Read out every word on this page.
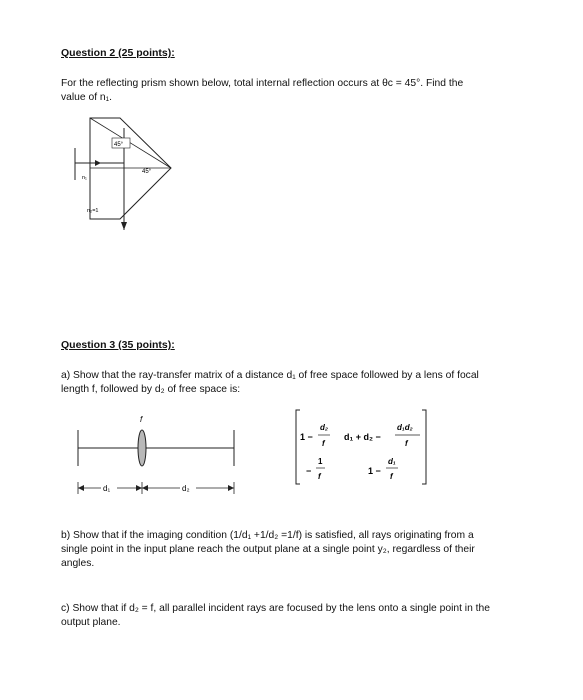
Question 2 (25 points):
For the reflecting prism shown below, total internal reflection occurs at θc = 45°. Find the
value of n₁.
45°
45°
n₁
n₂=1
Question 3 (35 points):
a) Show that the ray-transfer matrix of a distance d₁ of free space followed by a lens of focal
length f, followed by d₂ of free space is:
f
d₁	d₂
1 −
d₂
f
d₁ + d₂ −
d₁d₂
f
−
1
f
1 −
d₁
f
b) Show that if the imaging condition (1/d₁ +1/d₂ =1/f) is satisfied, all rays originating from a
single point in the input plane reach the output plane at a single point y₂, regardless of their
angles.
c) Show that if d₂ = f, all parallel incident rays are focused by the lens onto a single point in the
output plane.
